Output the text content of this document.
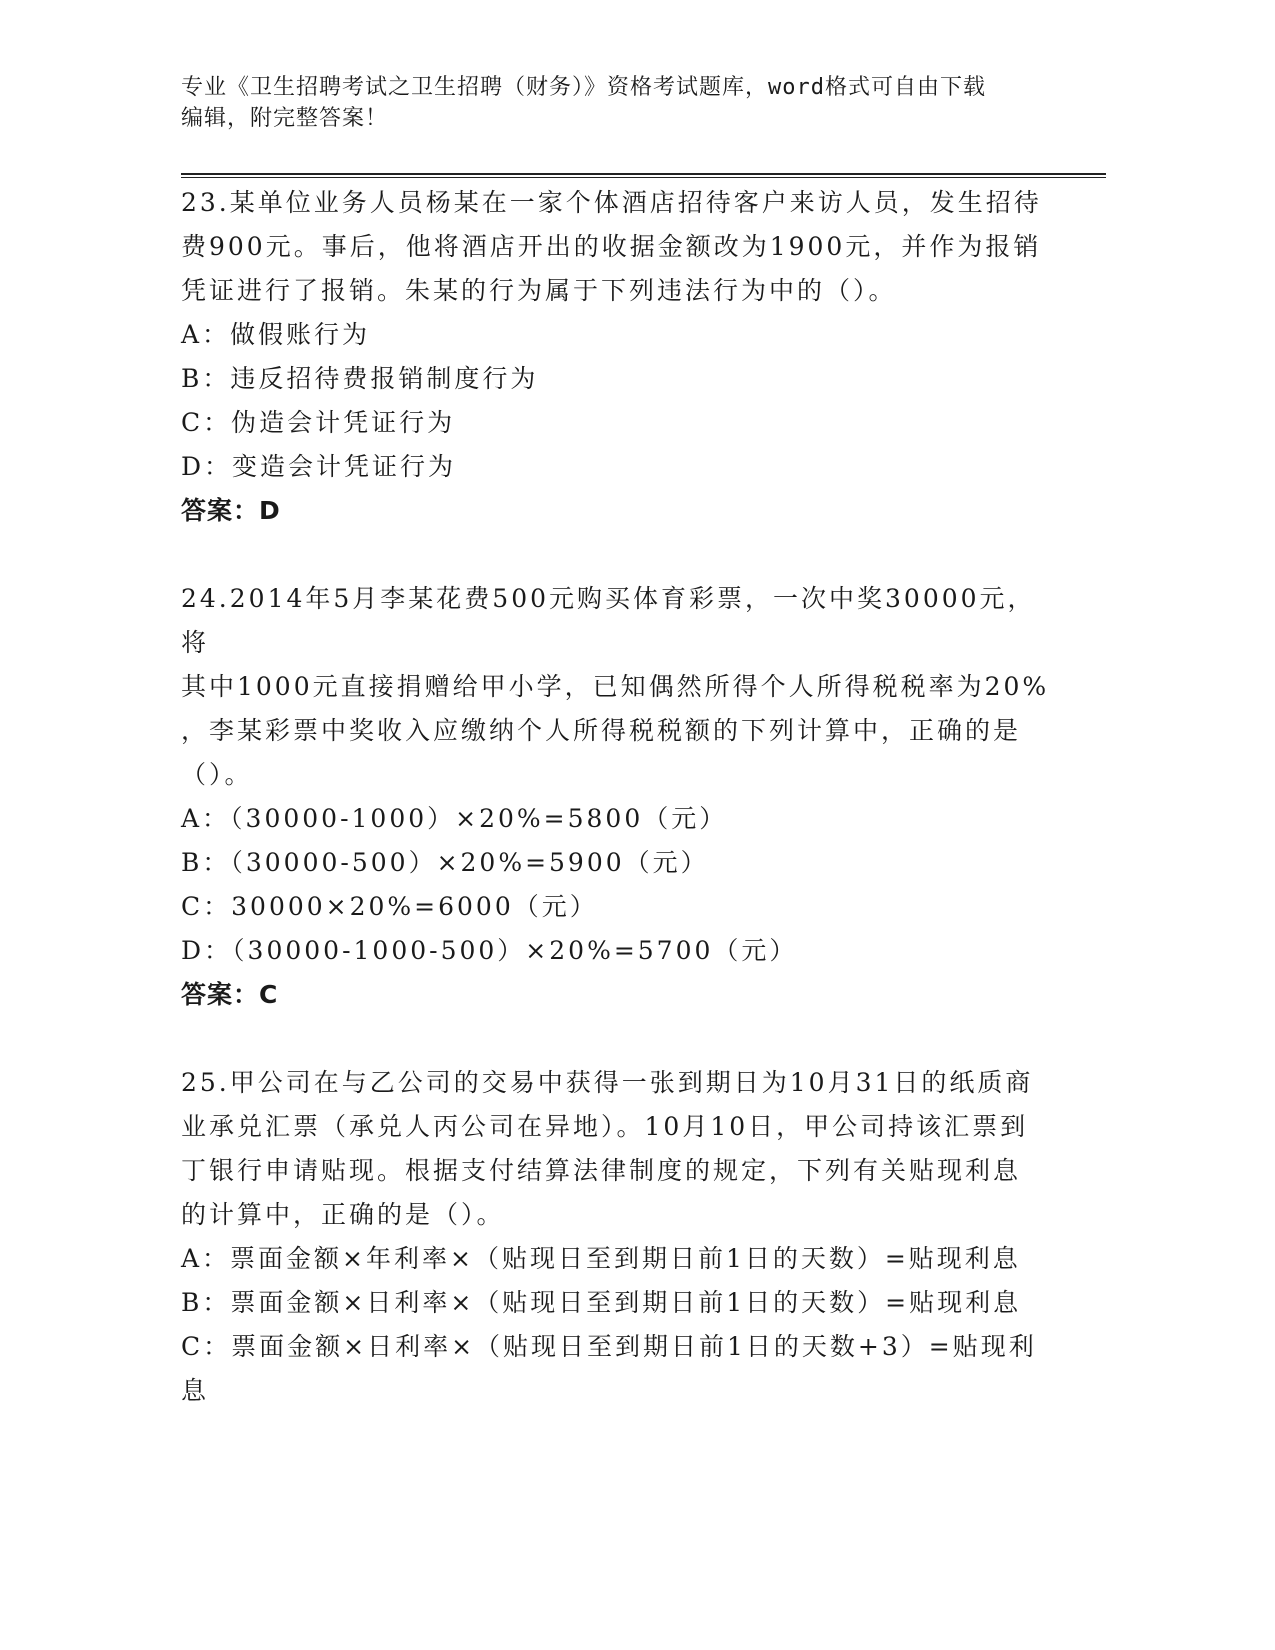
专业《卫生招聘考试之卫生招聘（财务）》资格考试题库，word格式可自由下载
编辑，附完整答案！

23.某单位业务人员杨某在一家个体酒店招待客户来访人员，发生招待

费900元。事后，他将酒店开出的收据金额改为1900元，并作为报销

凭证进行了报销。朱某的行为属于下列违法行为中的（）。

A：做假账行为

B：违反招待费报销制度行为

C：伪造会计凭证行为

D：变造会计凭证行为

答案：D

24.2014年5月李某花费500元购买体育彩票，一次中奖30000元，将

其中1000元直接捐赠给甲小学，已知偶然所得个人所得税税率为20%

，李某彩票中奖收入应缴纳个人所得税税额的下列计算中，正确的是

（）。

A：（30000-1000）×20%=5800（元）

B：（30000-500）×20%=5900（元）

C：30000×20%=6000（元）

D：（30000-1000-500）×20%=5700（元）

答案：C

25.甲公司在与乙公司的交易中获得一张到期日为10月31日的纸质商

业承兑汇票（承兑人丙公司在异地）。10月10日，甲公司持该汇票到

丁银行申请贴现。根据支付结算法律制度的规定，下列有关贴现利息

的计算中，正确的是（）。

A：票面金额×年利率×（贴现日至到期日前1日的天数）=贴现利息

B：票面金额×日利率×（贴现日至到期日前1日的天数）=贴现利息

C：票面金额×日利率×（贴现日至到期日前1日的天数+3）=贴现利

息
